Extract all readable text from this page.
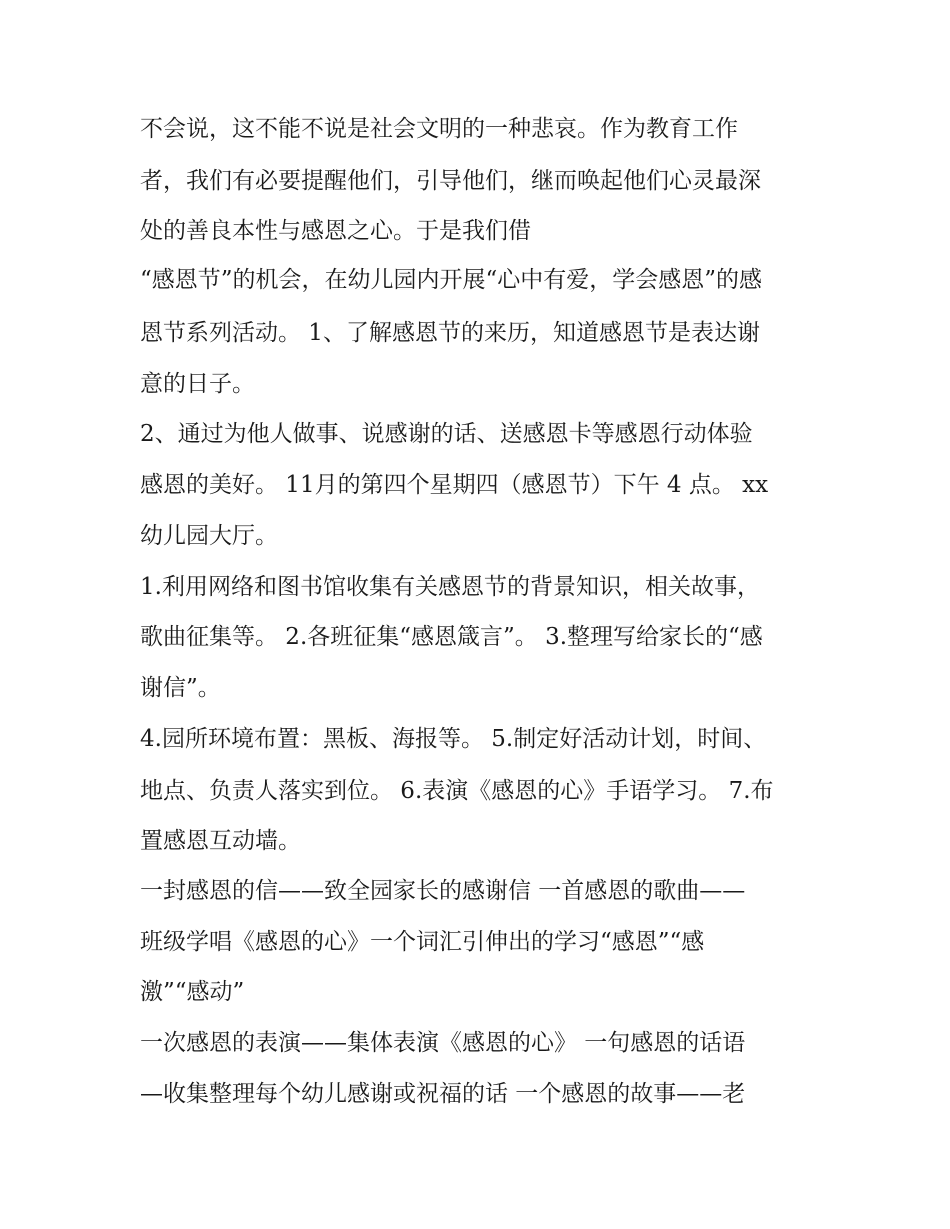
不会说，这不能不说是社会文明的一种悲哀。作为教育工作

者，我们有必要提醒他们，引导他们，继而唤起他们心灵最深

处的善良本性与感恩之心。于是我们借

“感恩节”的机会，在幼儿园内开展“心中有爱，学会感恩”的感

恩节系列活动。 1、了解感恩节的来历，知道感恩节是表达谢

意的日子。

2、通过为他人做事、说感谢的话、送感恩卡等感恩行动体验

感恩的美好。 11月的第四个星期四（感恩节）下午 4 点。 xx

幼儿园大厅。

1.利用网络和图书馆收集有关感恩节的背景知识，相关故事，

歌曲征集等。 2.各班征集“感恩箴言”。 3.整理写给家长的“感

谢信”。

4.园所环境布置：黑板、海报等。 5.制定好活动计划，时间、

地点、负责人落实到位。 6.表演《感恩的心》手语学习。 7.布

置感恩互动墙。

一封感恩的信——致全园家长的感谢信 一首感恩的歌曲——

班级学唱《感恩的心》一个词汇引伸出的学习“感恩”“感

激”“感动”

一次感恩的表演——集体表演《感恩的心》 一句感恩的话语

—收集整理每个幼儿感谢或祝福的话 一个感恩的故事——老
